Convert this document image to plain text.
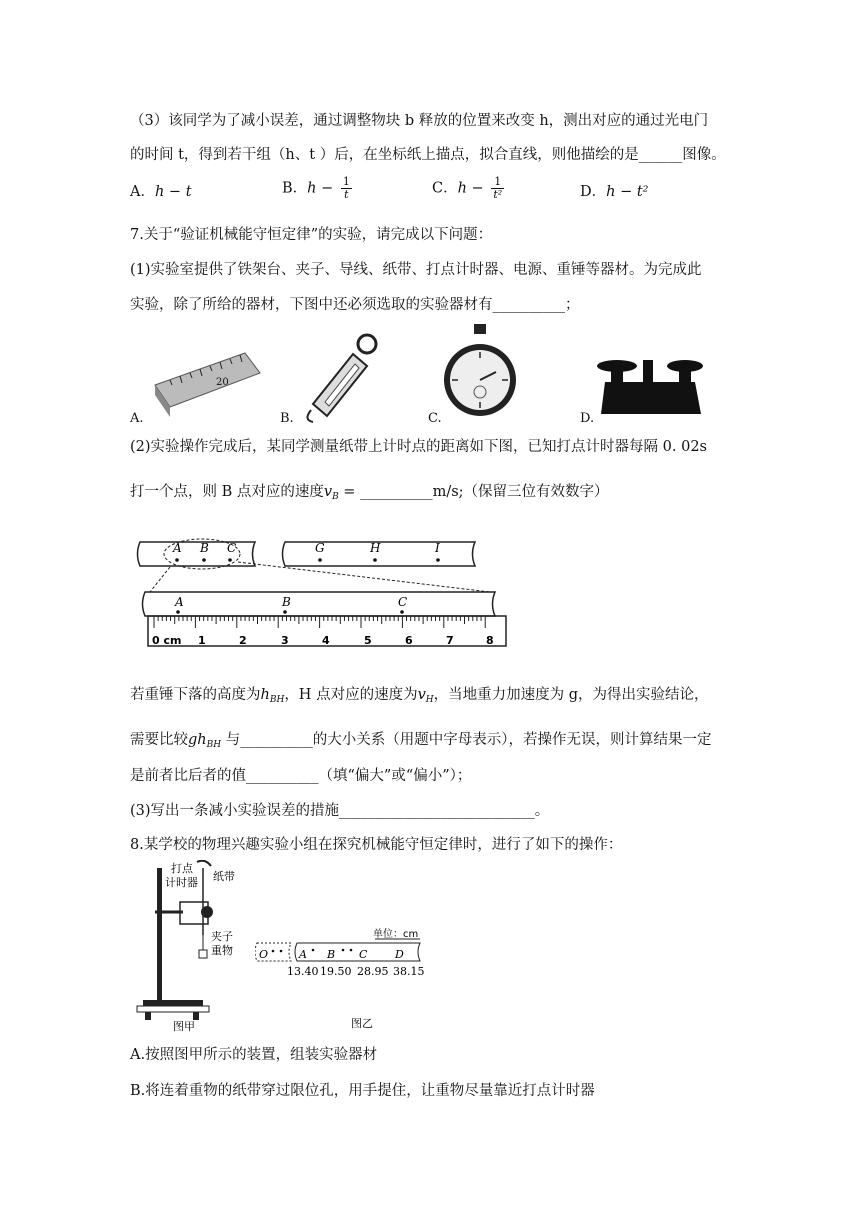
（3）该同学为了减小误差，通过调整物块 b 释放的位置来改变 h，测出对应的通过光电门
的时间 t，得到若干组（h、t ）后，在坐标纸上描点，拟合直线，则他描绘的是______图像。
A．h − t	B．$h - \frac{1}{t}$	C．$h - \frac{1}{\text{t²}}$	D．h − t²
7.关于“验证机械能守恒定律”的实验，请完成以下问题：
(1)实验室提供了铁架台、夹子、导线、纸带、打点计时器、电源、重锤等器材。为完成此
实验，除了所给的器材，下图中还必须选取的实验器材有__________；
20
A.	B.	C.	D.
(2)实验操作完成后，某同学测量纸带上计时点的距离如下图，已知打点计时器每隔 0. 02s
打一个点，则 B 点对应的速度$v_B$ = __________m/s;（保留三位有效数字）
A B C	G	H	I
A	B	C
0 cm 1	2	3	4	5	6	7	8
若重锤下落的高度为$h_{BH}$，H 点对应的速度为$v_H$，当地重力加速度为 g，为得出实验结论，
需要比较$gh_{BH}$ 与__________的大小关系（用题中字母表示），若操作无误，则计算结果一定
是前者比后者的值__________（填“偏大”或“偏小”）；
(3)写出一条减小实验误差的措施___________________________。
8.某学校的物理兴趣实验小组在探究机械能守恒定律时，进行了如下的操作：
打点
计时器 纸带
夹子
重物
图甲
单位：cm
O	A B C	D
13.40 19.50 28.95 38.15
图乙
A.按照图甲所示的装置，组装实验器材
B.将连着重物的纸带穿过限位孔，用手提住，让重物尽量靠近打点计时器
